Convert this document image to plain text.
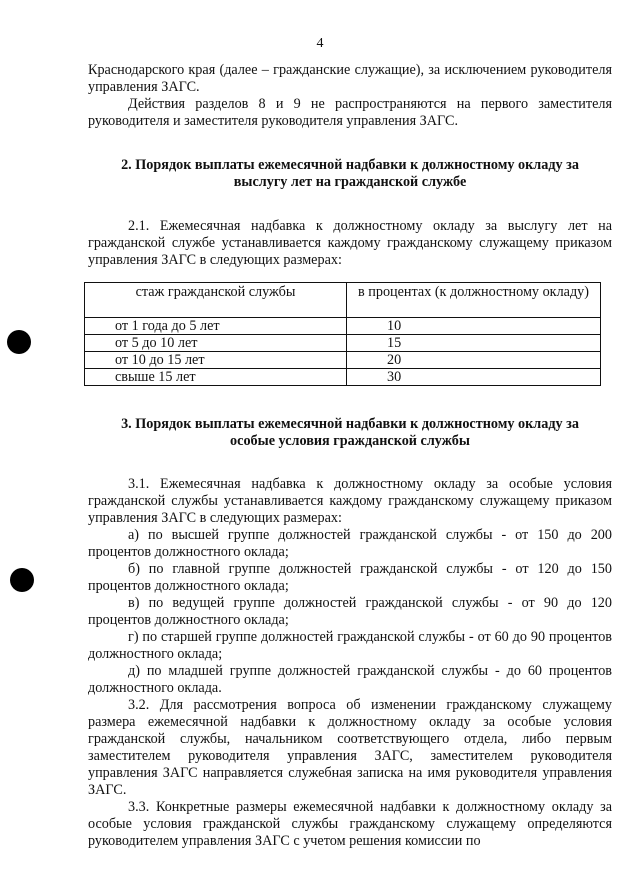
4

Краснодарского края (далее – гражданские служащие), за исключением руководителя управления ЗАГС.

Действия разделов 8 и 9 не распространяются на первого заместителя руководителя и заместителя руководителя управления ЗАГС.

2. Порядок выплаты ежемесячной надбавки к должностному окладу за выслугу лет на гражданской службе

2.1. Ежемесячная надбавка к должностному окладу за выслугу лет на гражданской службе устанавливается каждому гражданскому служащему приказом управления ЗАГС в следующих размерах:

стаж гражданской службы	в процентах (к должностному окладу)
от 1 года до 5 лет	10
от 5 до 10 лет	15
от 10 до 15 лет	20
свыше 15 лет	30
3. Порядок выплаты ежемесячной надбавки к должностному окладу за особые условия гражданской службы

3.1. Ежемесячная надбавка к должностному окладу за особые условия гражданской службы устанавливается каждому гражданскому служащему приказом управления ЗАГС в следующих размерах:

а) по высшей группе должностей гражданской службы - от 150 до 200 процентов должностного оклада;

б) по главной группе должностей гражданской службы - от 120 до 150 процентов должностного оклада;

в) по ведущей группе должностей гражданской службы - от 90 до 120 процентов должностного оклада;

г) по старшей группе должностей гражданской службы - от 60 до 90 процентов должностного оклада;

д) по младшей группе должностей гражданской службы - до 60 процентов должностного оклада.

3.2. Для рассмотрения вопроса об изменении гражданскому служащему размера ежемесячной надбавки к должностному окладу за особые условия гражданской службы, начальником соответствующего отдела, либо первым заместителем руководителя управления ЗАГС, заместителем руководителя управления ЗАГС направляется служебная записка на имя руководителя управления ЗАГС.

3.3. Конкретные размеры ежемесячной надбавки к должностному окладу за особые условия гражданской службы гражданскому служащему определяются руководителем управления ЗАГС с учетом решения комиссии по
